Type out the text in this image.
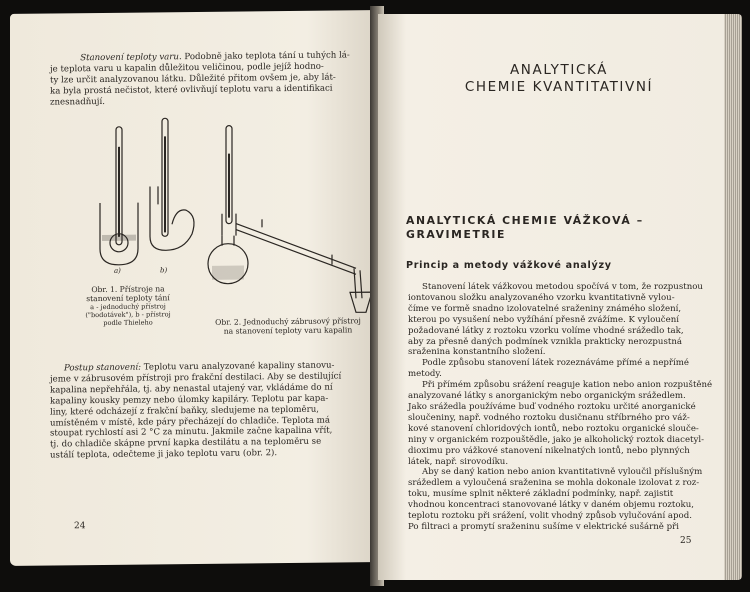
Stanovení teploty varu. Podobně jako teplota tání u tuhých lá-
je teplota varu u kapalin důležitou veličinou, podle jejíž hodno-
ty lze určit analyzovanou látku. Důležité přitom ovšem je, aby lát-
ka byla prostá nečistot, které ovlivňují teplotu varu a identifikaci
znesnadňují.
a)	b)
Obr. 1. Přístroje na
stanovení teploty tání
a - jednoduchý přístroj
("bodotávek"), b - přístroj
podle Thieleho	Obr. 2. Jednoduchý zábrusový přístroj
na stanovení teploty varu kapalin
Postup stanovení: Teplotu varu analyzované kapaliny stanovu-
jeme v zábrusovém přístroji pro frakční destilaci. Aby se destilující
kapalina nepřehřála, tj. aby nenastal utajený var, vkládáme do ní
kapaliny kousky pemzy nebo úlomky kapiláry. Teplotu par kapa-
liny, které odcházejí z frakční baňky, sledujeme na teploměru,
umístěném v místě, kde páry přecházejí do chladiče. Teplota má
stoupat rychlostí asi 2 °C za minutu. Jakmile začne kapalina vřít,
tj. do chladiče skápne první kapka destilátu a na teploměru se
ustálí teplota, odečteme ji jako teplotu varu (obr. 2).
24
ANALYTICKÁ
CHEMIE KVANTITATIVNÍ
ANALYTICKÁ CHEMIE VÁŽKOVÁ –
GRAVIMETRIE
Princip a metody vážkové analýzy
Stanovení látek vážkovou metodou spočívá v tom, že rozpustnou
iontovanou složku analyzovaného vzorku kvantitativně vylou-
číme ve formě snadno izolovatelné sraženiny známého složení,
kterou po vysušení nebo vyžíhání přesně zvážíme. K vyloučení
požadované látky z roztoku vzorku volíme vhodné srážedlo tak,
aby za přesně daných podmínek vznikla prakticky nerozpustná
sraženina konstantního složení.
Podle způsobu stanovení látek rozeznáváme přímé a nepřímé
metody.
Při přímém způsobu srážení reaguje kation nebo anion rozpuštěné
analyzované látky s anorganickým nebo organickým srážedlem.
Jako srážedla používáme buď vodného roztoku určité anorganické
sloučeniny, např. vodného roztoku dusičnanu stříbrného pro váž-
kové stanovení chloridových iontů, nebo roztoku organické slouče-
niny v organickém rozpouštědle, jako je alkoholický roztok diacetyl-
dioximu pro vážkové stanovení nikelnatých iontů, nebo plynných
látek, např. sirovodíku.
Aby se daný kation nebo anion kvantitativně vyloučil příslušným
srážedlem a vyloučená sraženina se mohla dokonale izolovat z roz-
toku, musíme splnit některé základní podmínky, např. zajistit
vhodnou koncentraci stanovované látky v daném objemu roztoku,
teplotu roztoku při srážení, volit vhodný způsob vylučování apod.
Po filtraci a promytí sraženinu sušíme v elektrické sušárně při
25
